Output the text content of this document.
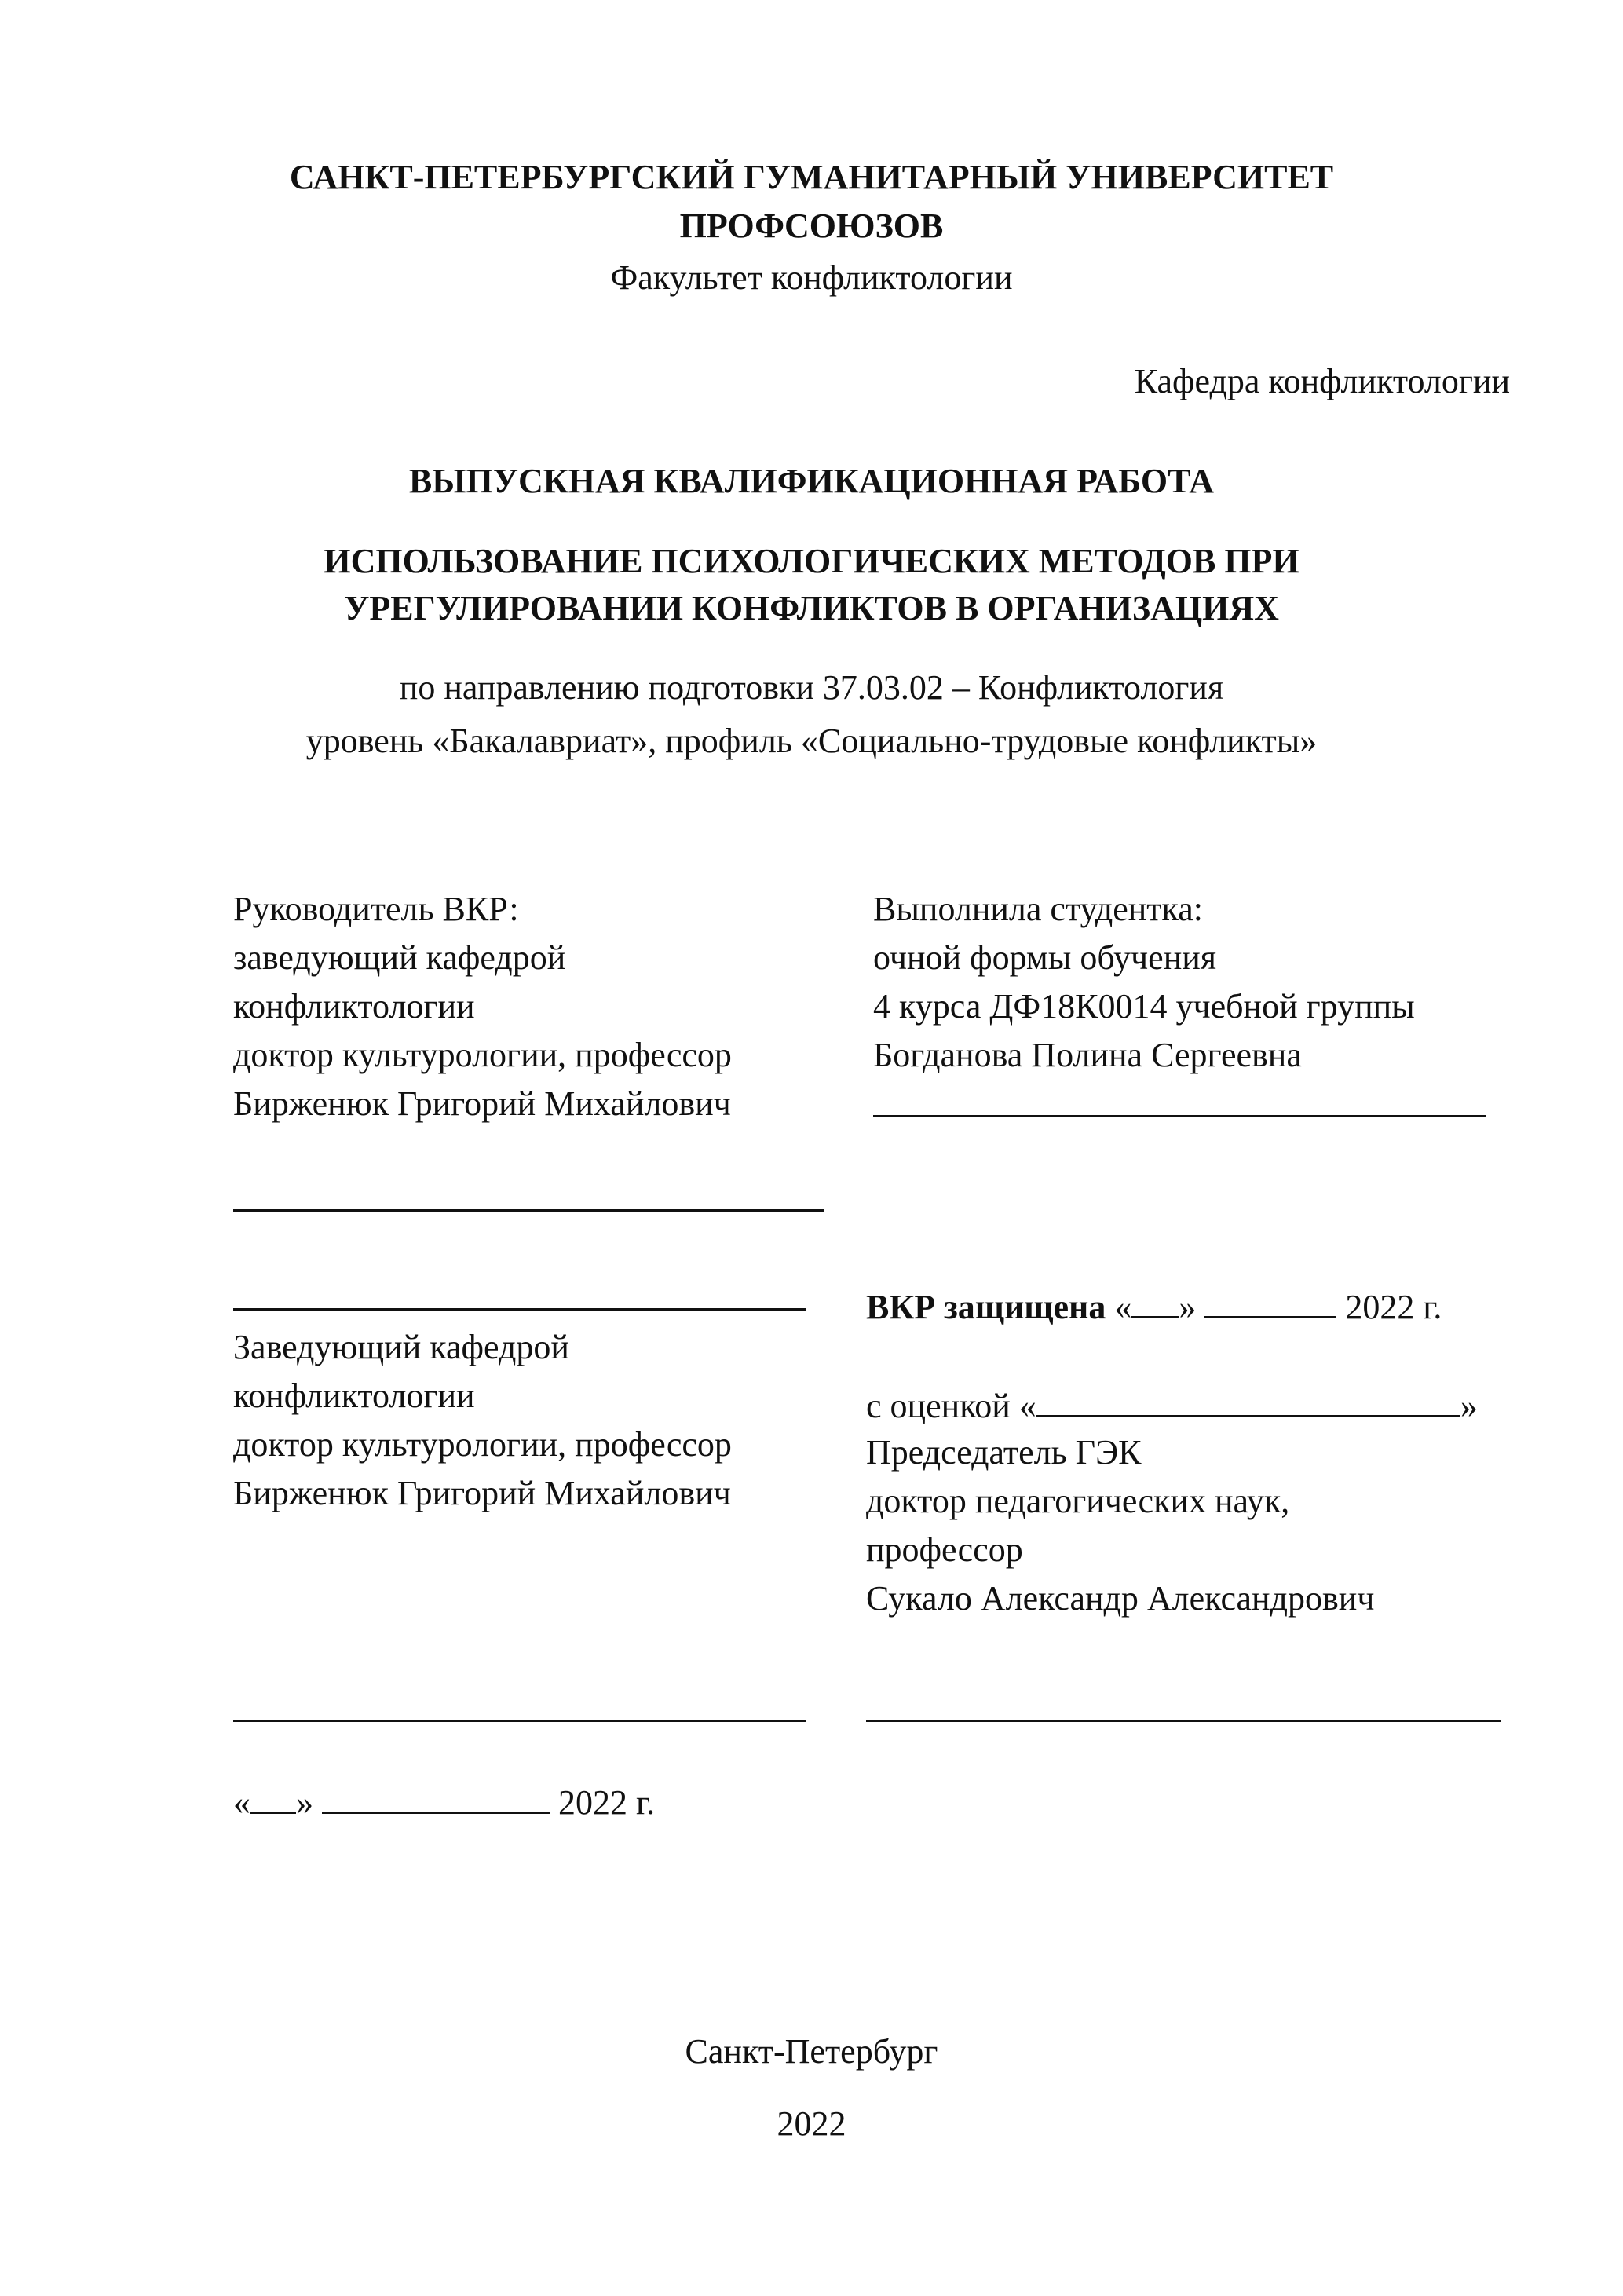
САНКТ-ПЕТЕРБУРГСКИЙ ГУМАНИТАРНЫЙ УНИВЕРСИТЕТ
ПРОФСОЮЗОВ
Факультет конфликтологии
Кафедра конфликтологии
ВЫПУСКНАЯ КВАЛИФИКАЦИОННАЯ РАБОТА
ИСПОЛЬЗОВАНИЕ ПСИХОЛОГИЧЕСКИХ МЕТОДОВ ПРИ
УРЕГУЛИРОВАНИИ КОНФЛИКТОВ В ОРГАНИЗАЦИЯХ
по направлению подготовки 37.03.02 – Конфликтология
уровень «Бакалавриат», профиль «Социально-трудовые конфликты»
Руководитель ВКР:
заведующий кафедрой
конфликтологии
доктор культурологии, профессор
Бирженюк Григорий Михайлович
Выполнила студентка:
очной формы обучения
4 курса ДФ18К0014 учебной группы
Богданова Полина Сергеевна
Заведующий кафедрой
конфликтологии
доктор культурологии, профессор
Бирженюк Григорий Михайлович
ВКР защищена « »	2022 г.
с оценкой «	»
Председатель ГЭК
доктор педагогических наук,
профессор
Сукало Александр Александрович
« »	2022 г.
Санкт-Петербург
2022
